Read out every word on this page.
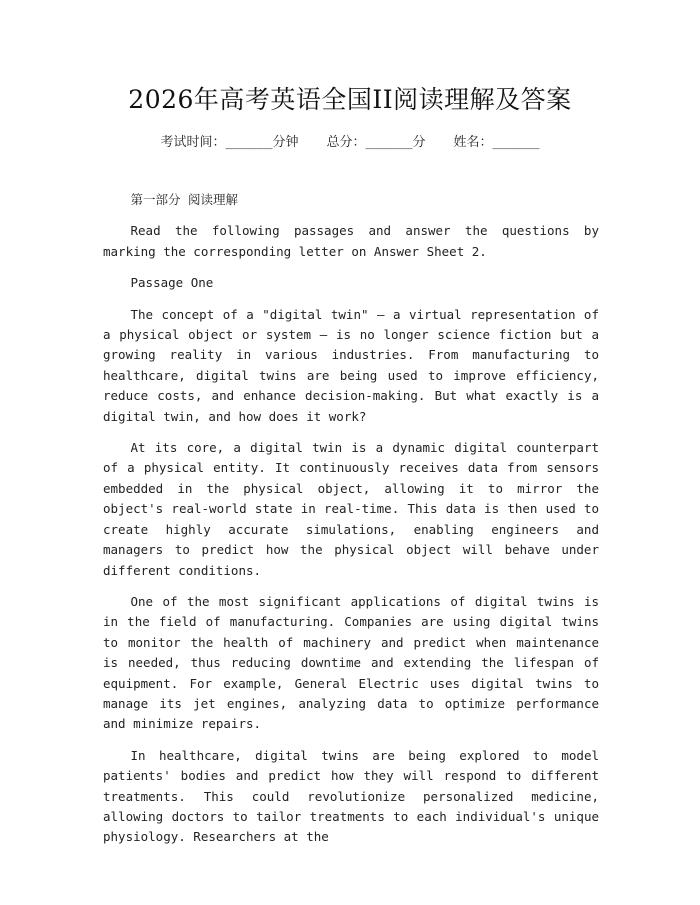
2026年高考英语全国II阅读理解及答案
考试时间：______分钟 总分：______分 姓名：______

第一部分 阅读理解

Read the following passages and answer the questions by marking the corresponding letter on Answer Sheet 2.

Passage One

The concept of a "digital twin" – a virtual representation of a physical object or system – is no longer science fiction but a growing reality in various industries. From manufacturing to healthcare, digital twins are being used to improve efficiency, reduce costs, and enhance decision-making. But what exactly is a digital twin, and how does it work?

At its core, a digital twin is a dynamic digital counterpart of a physical entity. It continuously receives data from sensors embedded in the physical object, allowing it to mirror the object's real-world state in real-time. This data is then used to create highly accurate simulations, enabling engineers and managers to predict how the physical object will behave under different conditions.

One of the most significant applications of digital twins is in the field of manufacturing. Companies are using digital twins to monitor the health of machinery and predict when maintenance is needed, thus reducing downtime and extending the lifespan of equipment. For example, General Electric uses digital twins to manage its jet engines, analyzing data to optimize performance and minimize repairs.

In healthcare, digital twins are being explored to model patients' bodies and predict how they will respond to different treatments. This could revolutionize personalized medicine, allowing doctors to tailor treatments to each individual's unique physiology. Researchers at the
